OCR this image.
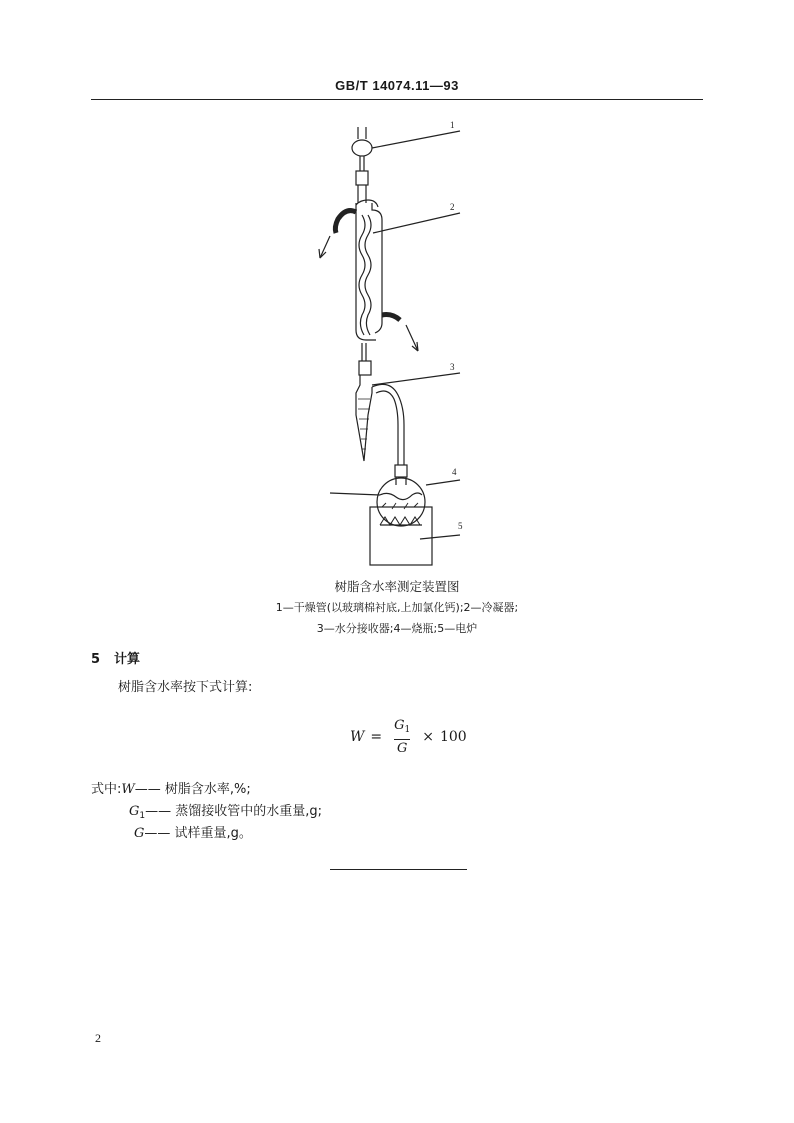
GB/T 14074.11—93
1
2
3
4
5
树脂含水率测定装置图
1—干燥管(以玻璃棉衬底,上加氯化钙);2—冷凝器;
3—水分接收器;4—烧瓶;5—电炉
5 计算
树脂含水率按下式计算:
$W = \frac{G_1}{G} \times 100$
式中:W—— 树脂含水率,%;
$G_1——$ 蒸馏接收管中的水重量,g;
G—— 试样重量,g。
2
